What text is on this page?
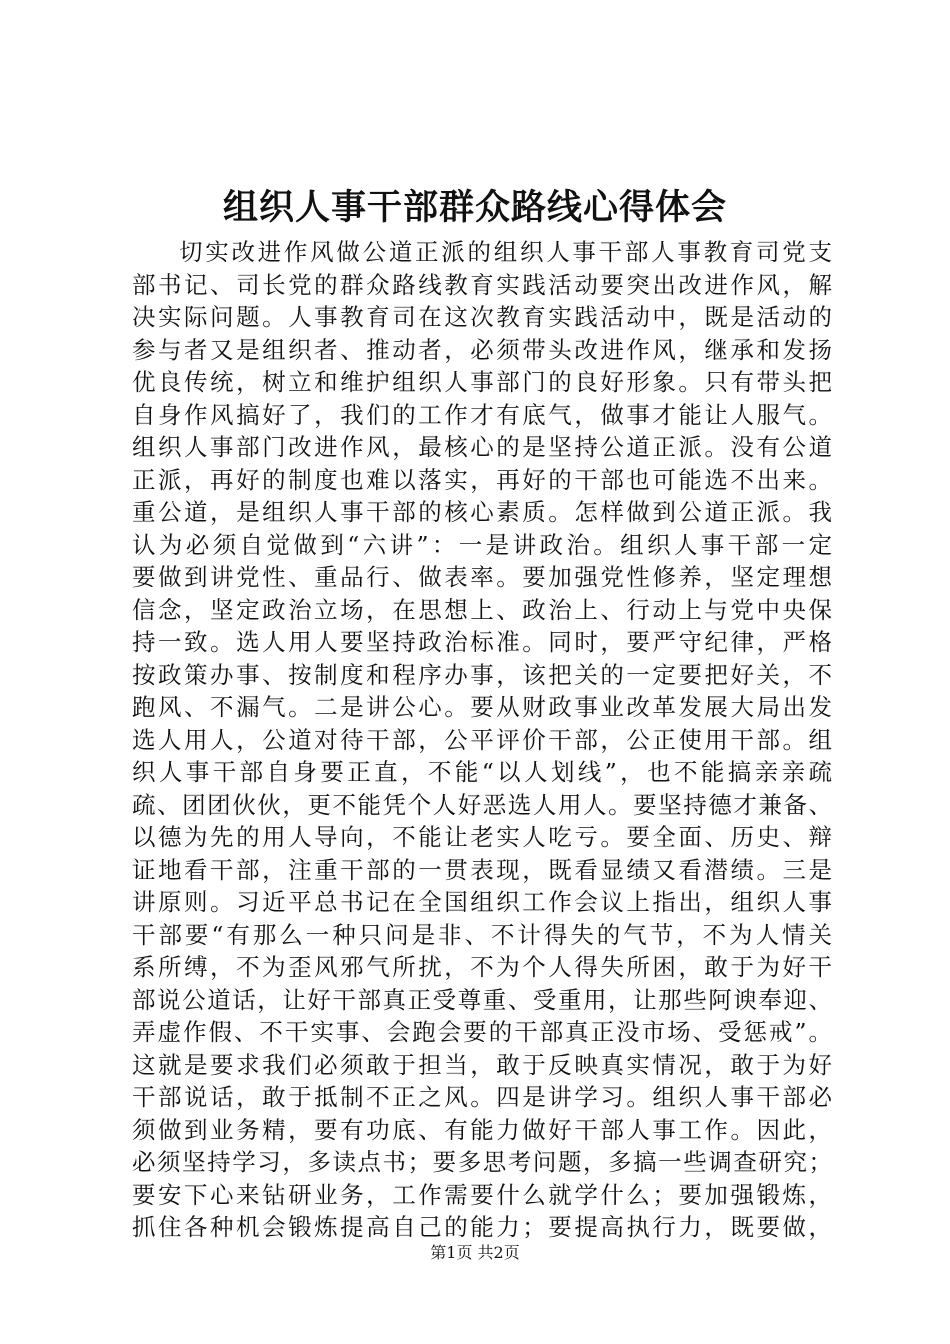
组织人事干部群众路线心得体会
切实改进作风做公道正派的组织人事干部人事教育司党支
部书记、司长党的群众路线教育实践活动要突出改进作风，解
决实际问题。人事教育司在这次教育实践活动中，既是活动的
参与者又是组织者、推动者，必须带头改进作风，继承和发扬
优良传统，树立和维护组织人事部门的良好形象。只有带头把
自身作风搞好了，我们的工作才有底气，做事才能让人服气。
组织人事部门改进作风，最核心的是坚持公道正派。没有公道
正派，再好的制度也难以落实，再好的干部也可能选不出来。
重公道，是组织人事干部的核心素质。怎样做到公道正派。我
认为必须自觉做到“六讲”：一是讲政治。组织人事干部一定
要做到讲党性、重品行、做表率。要加强党性修养，坚定理想
信念，坚定政治立场，在思想上、政治上、行动上与党中央保
持一致。选人用人要坚持政治标准。同时，要严守纪律，严格
按政策办事、按制度和程序办事，该把关的一定要把好关，不
跑风、不漏气。二是讲公心。要从财政事业改革发展大局出发
选人用人，公道对待干部，公平评价干部，公正使用干部。组
织人事干部自身要正直，不能“以人划线”，也不能搞亲亲疏
疏、团团伙伙，更不能凭个人好恶选人用人。要坚持德才兼备、
以德为先的用人导向，不能让老实人吃亏。要全面、历史、辩
证地看干部，注重干部的一贯表现，既看显绩又看潜绩。三是
讲原则。习近平总书记在全国组织工作会议上指出，组织人事
干部要“有那么一种只问是非、不计得失的气节，不为人情关
系所缚，不为歪风邪气所扰，不为个人得失所困，敢于为好干
部说公道话，让好干部真正受尊重、受重用，让那些阿谀奉迎、
弄虚作假、不干实事、会跑会要的干部真正没市场、受惩戒”。
这就是要求我们必须敢于担当，敢于反映真实情况，敢于为好
干部说话，敢于抵制不正之风。四是讲学习。组织人事干部必
须做到业务精，要有功底、有能力做好干部人事工作。因此，
必须坚持学习，多读点书；要多思考问题，多搞一些调查研究；
要安下心来钻研业务，工作需要什么就学什么；要加强锻炼，
抓住各种机会锻炼提高自己的能力；要提高执行力，既要做，
第1页 共2页
